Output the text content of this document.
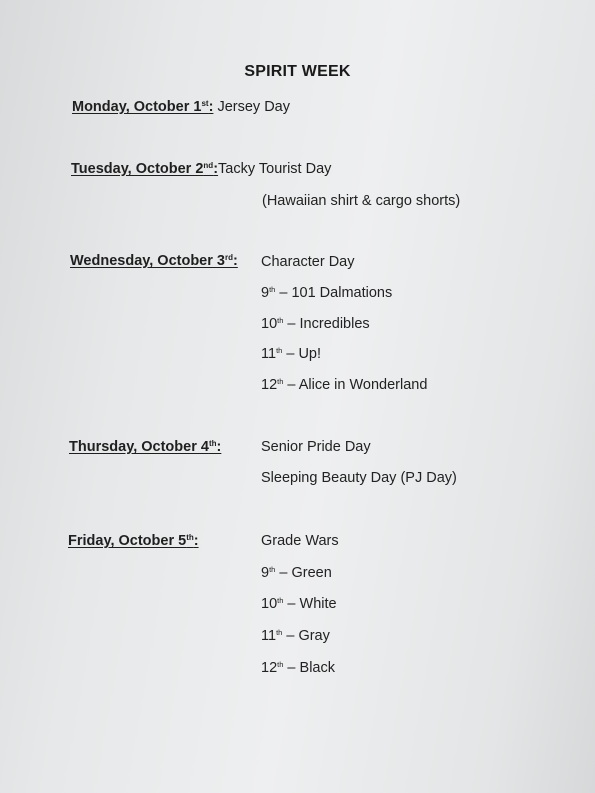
SPIRIT WEEK
Monday, October 1st: Jersey Day
Tuesday, October 2nd:Tacky Tourist Day
(Hawaiian shirt & cargo shorts)
Wednesday, October 3rd: Character Day
9th – 101 Dalmations
10th – Incredibles
11th – Up!
12th – Alice in Wonderland
Thursday, October 4th:	Senior Pride Day
Sleeping Beauty Day (PJ Day)
Friday, October 5th:	Grade Wars
9th – Green
10th – White
11th – Gray
12th – Black
